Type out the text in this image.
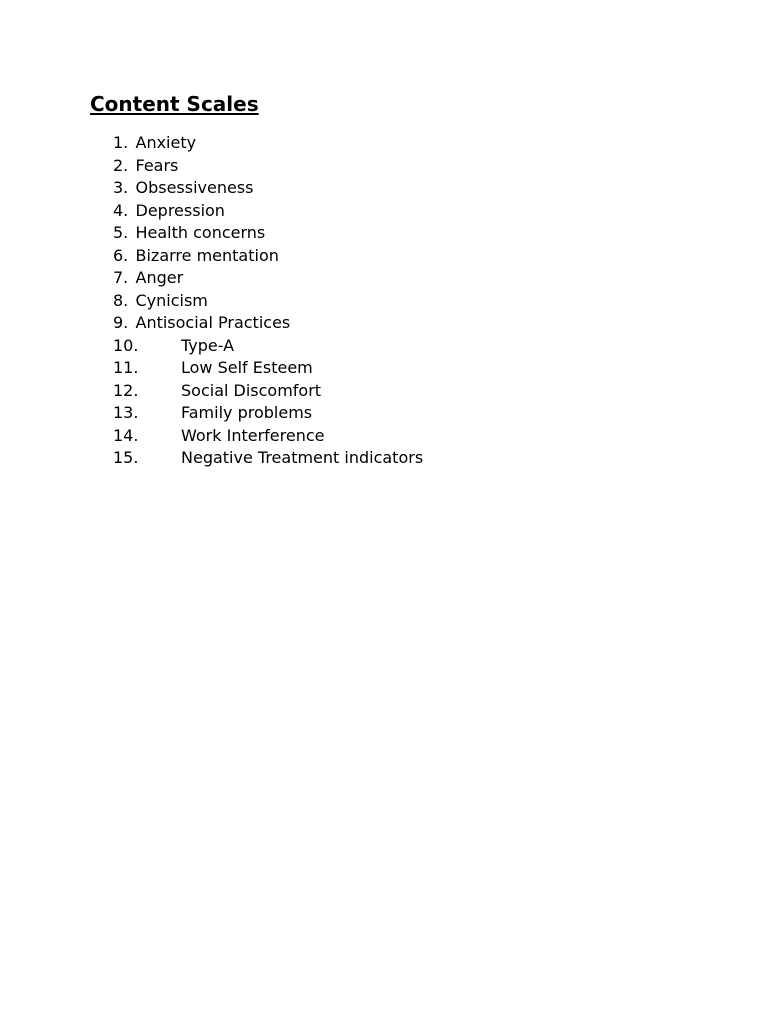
Content Scales
1. Anxiety
2. Fears
3. Obsessiveness
4. Depression
5. Health concerns
6. Bizarre mentation
7. Anger
8. Cynicism
9. Antisocial Practices
10.	Type-A
11.	Low Self Esteem
12.	Social Discomfort
13.	Family problems
14.	Work Interference
15.	Negative Treatment indicators
